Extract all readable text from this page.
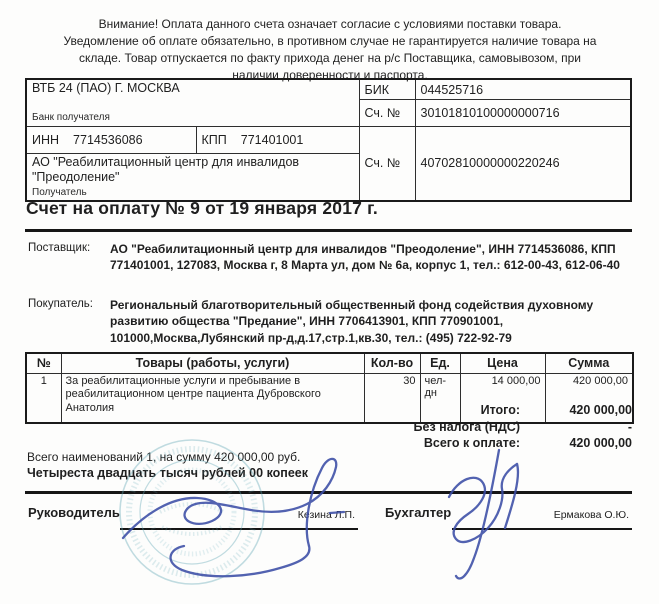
Внимание! Оплата данного счета означает согласие с условиями поставки товара. Уведомление об оплате обязательно, в противном случае не гарантируется наличие товара на складе. Товар отпускается по факту прихода денег на р/с Поставщика, самовывозом, при наличии доверенности и паспорта.
ВТБ 24 (ПАО) Г. МОСКВА
Банк получателя		БИК	044525716
		Сч. №	30101810100000000716
ИНН 7714536086	КПП 771401001	Сч. №	40702810000000220246

АО "Реабилитационный центр для инвалидов "Преодоление"
Получатель			
Счет на оплату № 9 от 19 января 2017 г.
Поставщик:	АО "Реабилитационный центр для инвалидов "Преодоление", ИНН 7714536086, КПП 771401001, 127083, Москва г, 8 Марта ул, дом № 6а, корпус 1, тел.: 612-00-43, 612-06-40
Покупатель:	Региональный благотворительный общественный фонд содействия духовному развитию общества "Предание", ИНН 7706413901, КПП 770901001, 101000,Москва,Лубянский пр-д,д.17,стр.1,кв.30, тел.: (495) 722-92-79
№	Товары (работы, услуги)	Кол-во	Ед.	Цена	Сумма
1	За реабилитационные услуги и пребывание в реабилитационном центре пациента Дубровского Анатолия	30	чел-дн	14 000,00	420 000,00
Итого:	420 000,00
Без налога (НДС)	-
Всего к оплате:	420 000,00
Всего наименований 1, на сумму 420 000,00 руб.
Четыреста двадцать тысяч рублей 00 копеек
Руководитель	Кезина Л.П. Бухгалтер	Ермакова О.Ю.
